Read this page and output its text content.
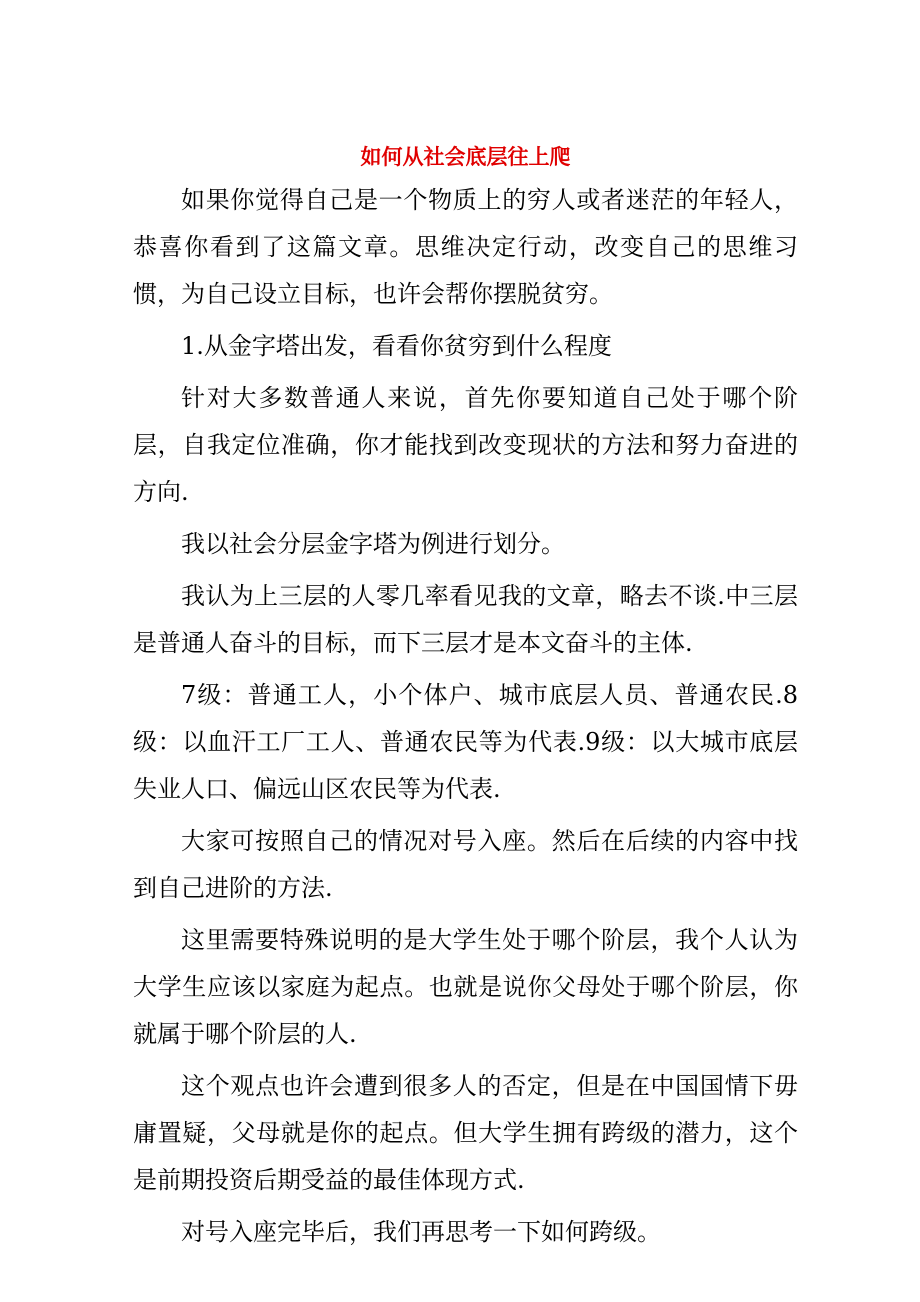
如何从社会底层往上爬

如果你觉得自己是一个物质上的穷人或者迷茫的年轻人，恭喜你看到了这篇文章。思维决定行动，改变自己的思维习惯，为自己设立目标，也许会帮你摆脱贫穷。

1.从金字塔出发，看看你贫穷到什么程度

针对大多数普通人来说，首先你要知道自己处于哪个阶层，自我定位准确，你才能找到改变现状的方法和努力奋进的方向.

我以社会分层金字塔为例进行划分。

我认为上三层的人零几率看见我的文章，略去不谈.中三层是普通人奋斗的目标，而下三层才是本文奋斗的主体.

7级：普通工人，小个体户、城市底层人员、普通农民.8级：以血汗工厂工人、普通农民等为代表.9级：以大城市底层失业人口、偏远山区农民等为代表.

大家可按照自己的情况对号入座。然后在后续的内容中找到自己进阶的方法.

这里需要特殊说明的是大学生处于哪个阶层，我个人认为大学生应该以家庭为起点。也就是说你父母处于哪个阶层，你就属于哪个阶层的人.

这个观点也许会遭到很多人的否定，但是在中国国情下毋庸置疑，父母就是你的起点。但大学生拥有跨级的潜力，这个是前期投资后期受益的最佳体现方式.

对号入座完毕后，我们再思考一下如何跨级。
